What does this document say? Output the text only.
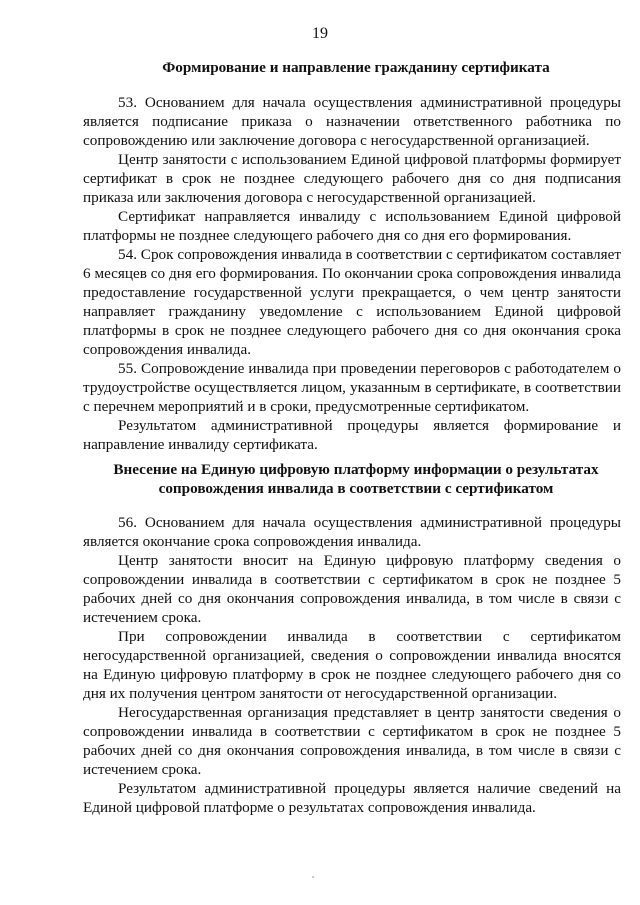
19
Формирование и направление гражданину сертификата

53. Основанием для начала осуществления административной процедуры является подписание приказа о назначении ответственного работника по сопровождению или заключение договора с негосударственной организацией.

Центр занятости с использованием Единой цифровой платформы формирует сертификат в срок не позднее следующего рабочего дня со дня подписания приказа или заключения договора с негосударственной организацией.

Сертификат направляется инвалиду с использованием Единой цифровой платформы не позднее следующего рабочего дня со дня его формирования.

54. Срок сопровождения инвалида в соответствии с сертификатом составляет 6 месяцев со дня его формирования. По окончании срока сопровождения инвалида предоставление государственной услуги прекращается, о чем центр занятости направляет гражданину уведомление с использованием Единой цифровой платформы в срок не позднее следующего рабочего дня со дня окончания срока сопровождения инвалида.

55. Сопровождение инвалида при проведении переговоров с работодателем о трудоустройстве осуществляется лицом, указанным в сертификате, в соответствии с перечнем мероприятий и в сроки, предусмотренные сертификатом.

Результатом административной процедуры является формирование и направление инвалиду сертификата.

Внесение на Единую цифровую платформу информации о результатах
сопровождения инвалида в соответствии с сертификатом

56. Основанием для начала осуществления административной процедуры является окончание срока сопровождения инвалида.

Центр занятости вносит на Единую цифровую платформу сведения о сопровождении инвалида в соответствии с сертификатом в срок не позднее 5 рабочих дней со дня окончания сопровождения инвалида, в том числе в связи с истечением срока.

При сопровождении инвалида в соответствии с сертификатом негосударственной организацией, сведения о сопровождении инвалида вносятся на Единую цифровую платформу в срок не позднее следующего рабочего дня со дня их получения центром занятости от негосударственной организации.

Негосударственная организация представляет в центр занятости сведения о сопровождении инвалида в соответствии с сертификатом в срок не позднее 5 рабочих дней со дня окончания сопровождения инвалида, в том числе в связи с истечением срока.

Результатом административной процедуры является наличие сведений на Единой цифровой платформе о результатах сопровождения инвалида.
